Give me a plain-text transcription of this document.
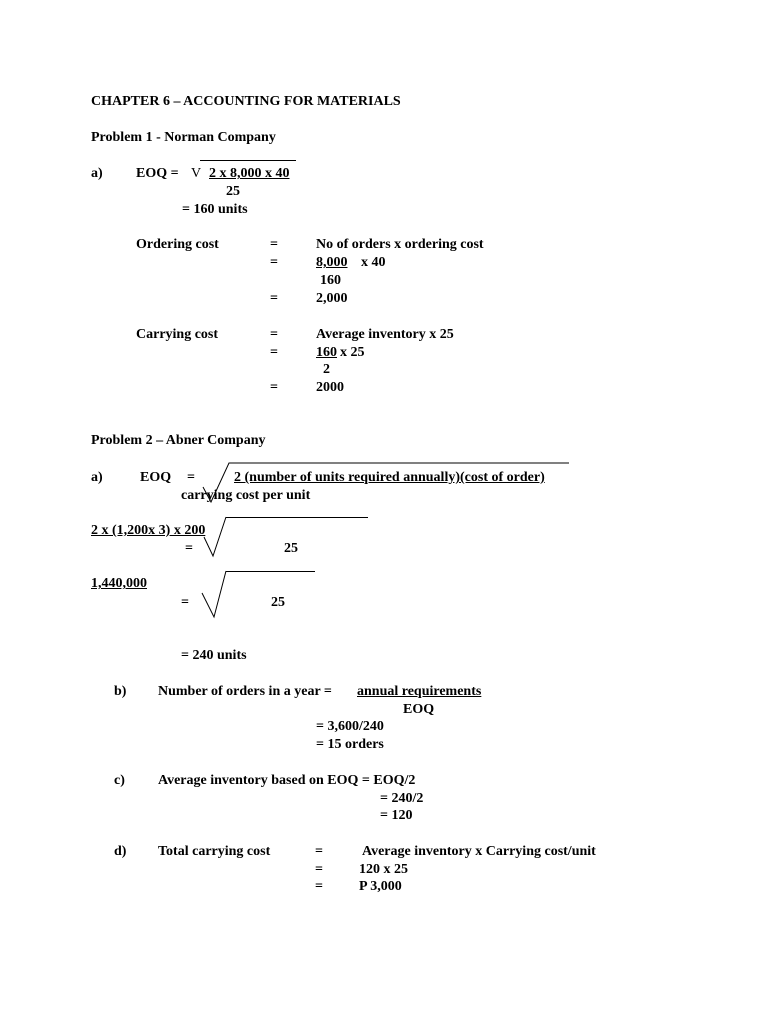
CHAPTER 6 – ACCOUNTING FOR MATERIALS
Problem 1 - Norman Company
a) EOQ = V 2 x 8,000 x 40
25
= 160 units
Ordering cost	=	No of orders x ordering cost
=	8,000 x 40
160
=	2,000
Carrying cost	=	Average inventory x 25
=	160 x 25
2
=	2000
Problem 2 – Abner Company
a)	EOQ =	2 (number of units required annually)(cost of order)
carrying cost per unit
2 x (1,200x 3) x 200
=	25
1,440,000
=	25
= 240 units
b) Number of orders in a year = annual requirements
EOQ
= 3,600/240
= 15 orders
c) Average inventory based on EOQ = EOQ/2
= 240/2
= 120
d) Total carrying cost	=	Average inventory x Carrying cost/unit
=	120 x 25
=	P 3,000
